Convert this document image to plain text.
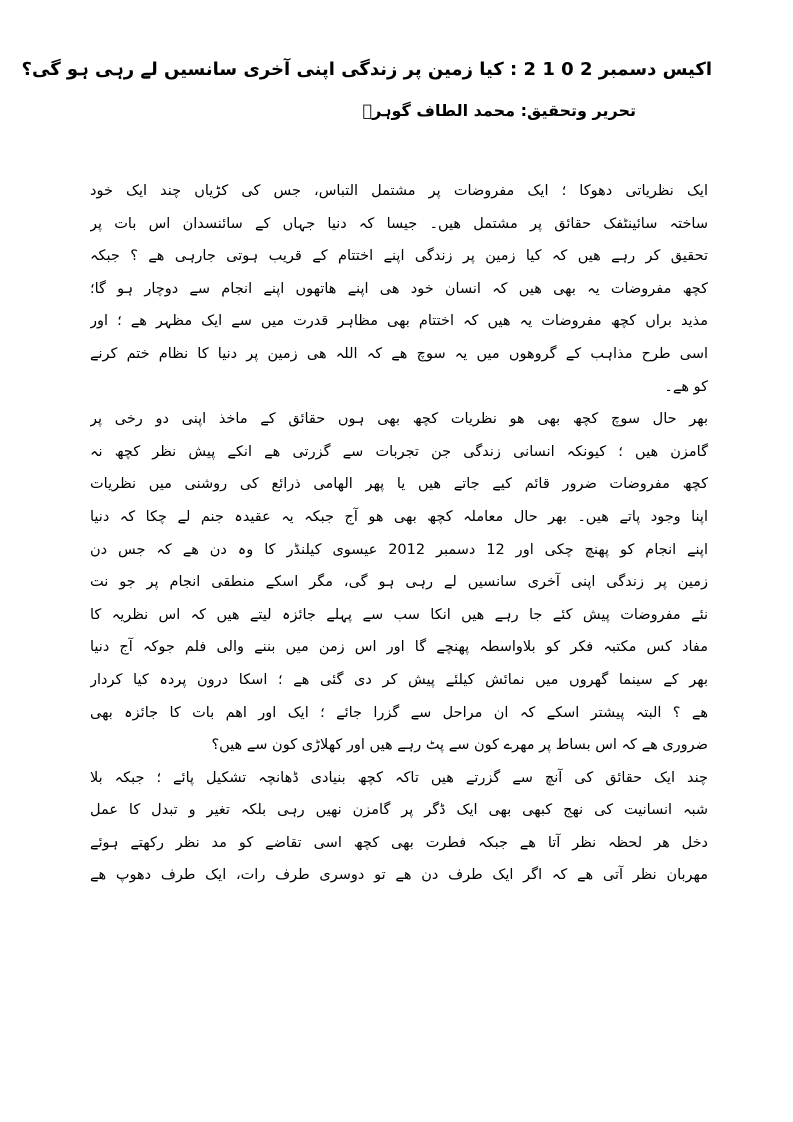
اکیس دسمبر 2 0 1 2 : کیا زمین پر زندگی اپنی آخری سانسیں لے رہی ہو گی؟
تحریر وتحقیق: محمد الطاف گوہرؔ
ایک نظریاتی دھوکا ؛ ایک مفروضات پر مشتمل التباس، جس کی کڑیاں چند ایک خود
ساختہ سائینٹفک حقائق پر مشتمل ھیں۔ جیسا کہ دنیا جہاں کے سائنسدان اس بات پر
تحقیق کر رہے ھیں کہ کیا زمین پر زندگی اپنے اختتام کے قریب ہوتی جارہی ھے ؟ جبکہ
کچھ مفروضات یہ بھی ھیں کہ انسان خود ھی اپنے ھاتھوں اپنے انجام سے دوچار ہو گا؛
مذید براں کچھ مفروضات یہ ھیں کہ اختتام بھی مظاہر قدرت میں سے ایک مظہر ھے ؛ اور
اسی طرح مذاہب کے گروھوں میں یہ سوچ ھے کہ اللہ ھی زمین پر دنیا کا نظام ختم کرنے
کو ھے۔
بھر حال سوچ کچھ بھی ھو نظریات کچھ بھی ہوں حقائق کے ماخذ اپنی دو رخی پر
گامزن ھیں ؛ کیونکہ انسانی زندگی جن تجربات سے گزرتی ھے انکے پیش نظر کچھ نہ
کچھ مفروضات ضرور قائم کیے جاتے ھیں یا پھر الھامی ذرائع کی روشنی میں نظریات
اپنا وجود پاتے ھیں۔ بھر حال معاملہ کچھ بھی ھو آج جبکہ یہ عقیدہ جنم لے چکا کہ دنیا
اپنے انجام کو پھنچ چکی اور 12 دسمبر 2012 عیسوی کیلنڈر کا وہ دن ھے کہ جس دن
زمین پر زندگی اپنی آخری سانسیں لے رہی ہو گی، مگر اسکے منطقی انجام پر جو نت
نئے مفروضات پیش کئے جا رہے ھیں انکا سب سے پہلے جائزہ لیتے ھیں کہ اس نظریہ کا
مفاد کس مکتبہ فکر کو بلاواسطہ پھنچے گا اور اس زمن میں بننے والی فلم جوکہ آج دنیا
بھر کے سینما گھروں میں نمائش کیلئے پیش کر دی گئی ھے ؛ اسکا درون پردہ کیا کردار
ھے ؟ البتہ پیشتر اسکے کہ ان مراحل سے گزرا جائے ؛ ایک اور اھم بات کا جائزہ بھی
ضروری ھے کہ اس بساط پر مھرے کون سے پٹ رہے ھیں اور کھلاڑی کون سے ھیں؟
چند ایک حقائق کی آنچ سے گزرتے ھیں تاکہ کچھ بنیادی ڈھانچہ تشکیل پائے ؛ جبکہ بلا
شبہ انسانیت کی نھج کبھی بھی ایک ڈگر پر گامزن نھیں رہی بلکہ تغیر و تبدل کا عمل
دخل ھر لحظہ نظر آتا ھے جبکہ فطرت بھی کچھ اسی تقاضے کو مد نظر رکھتے ہوئے
مھربان نظر آتی ھے کہ اگر ایک طرف دن ھے تو دوسری طرف رات، ایک طرف دھوپ ھے
